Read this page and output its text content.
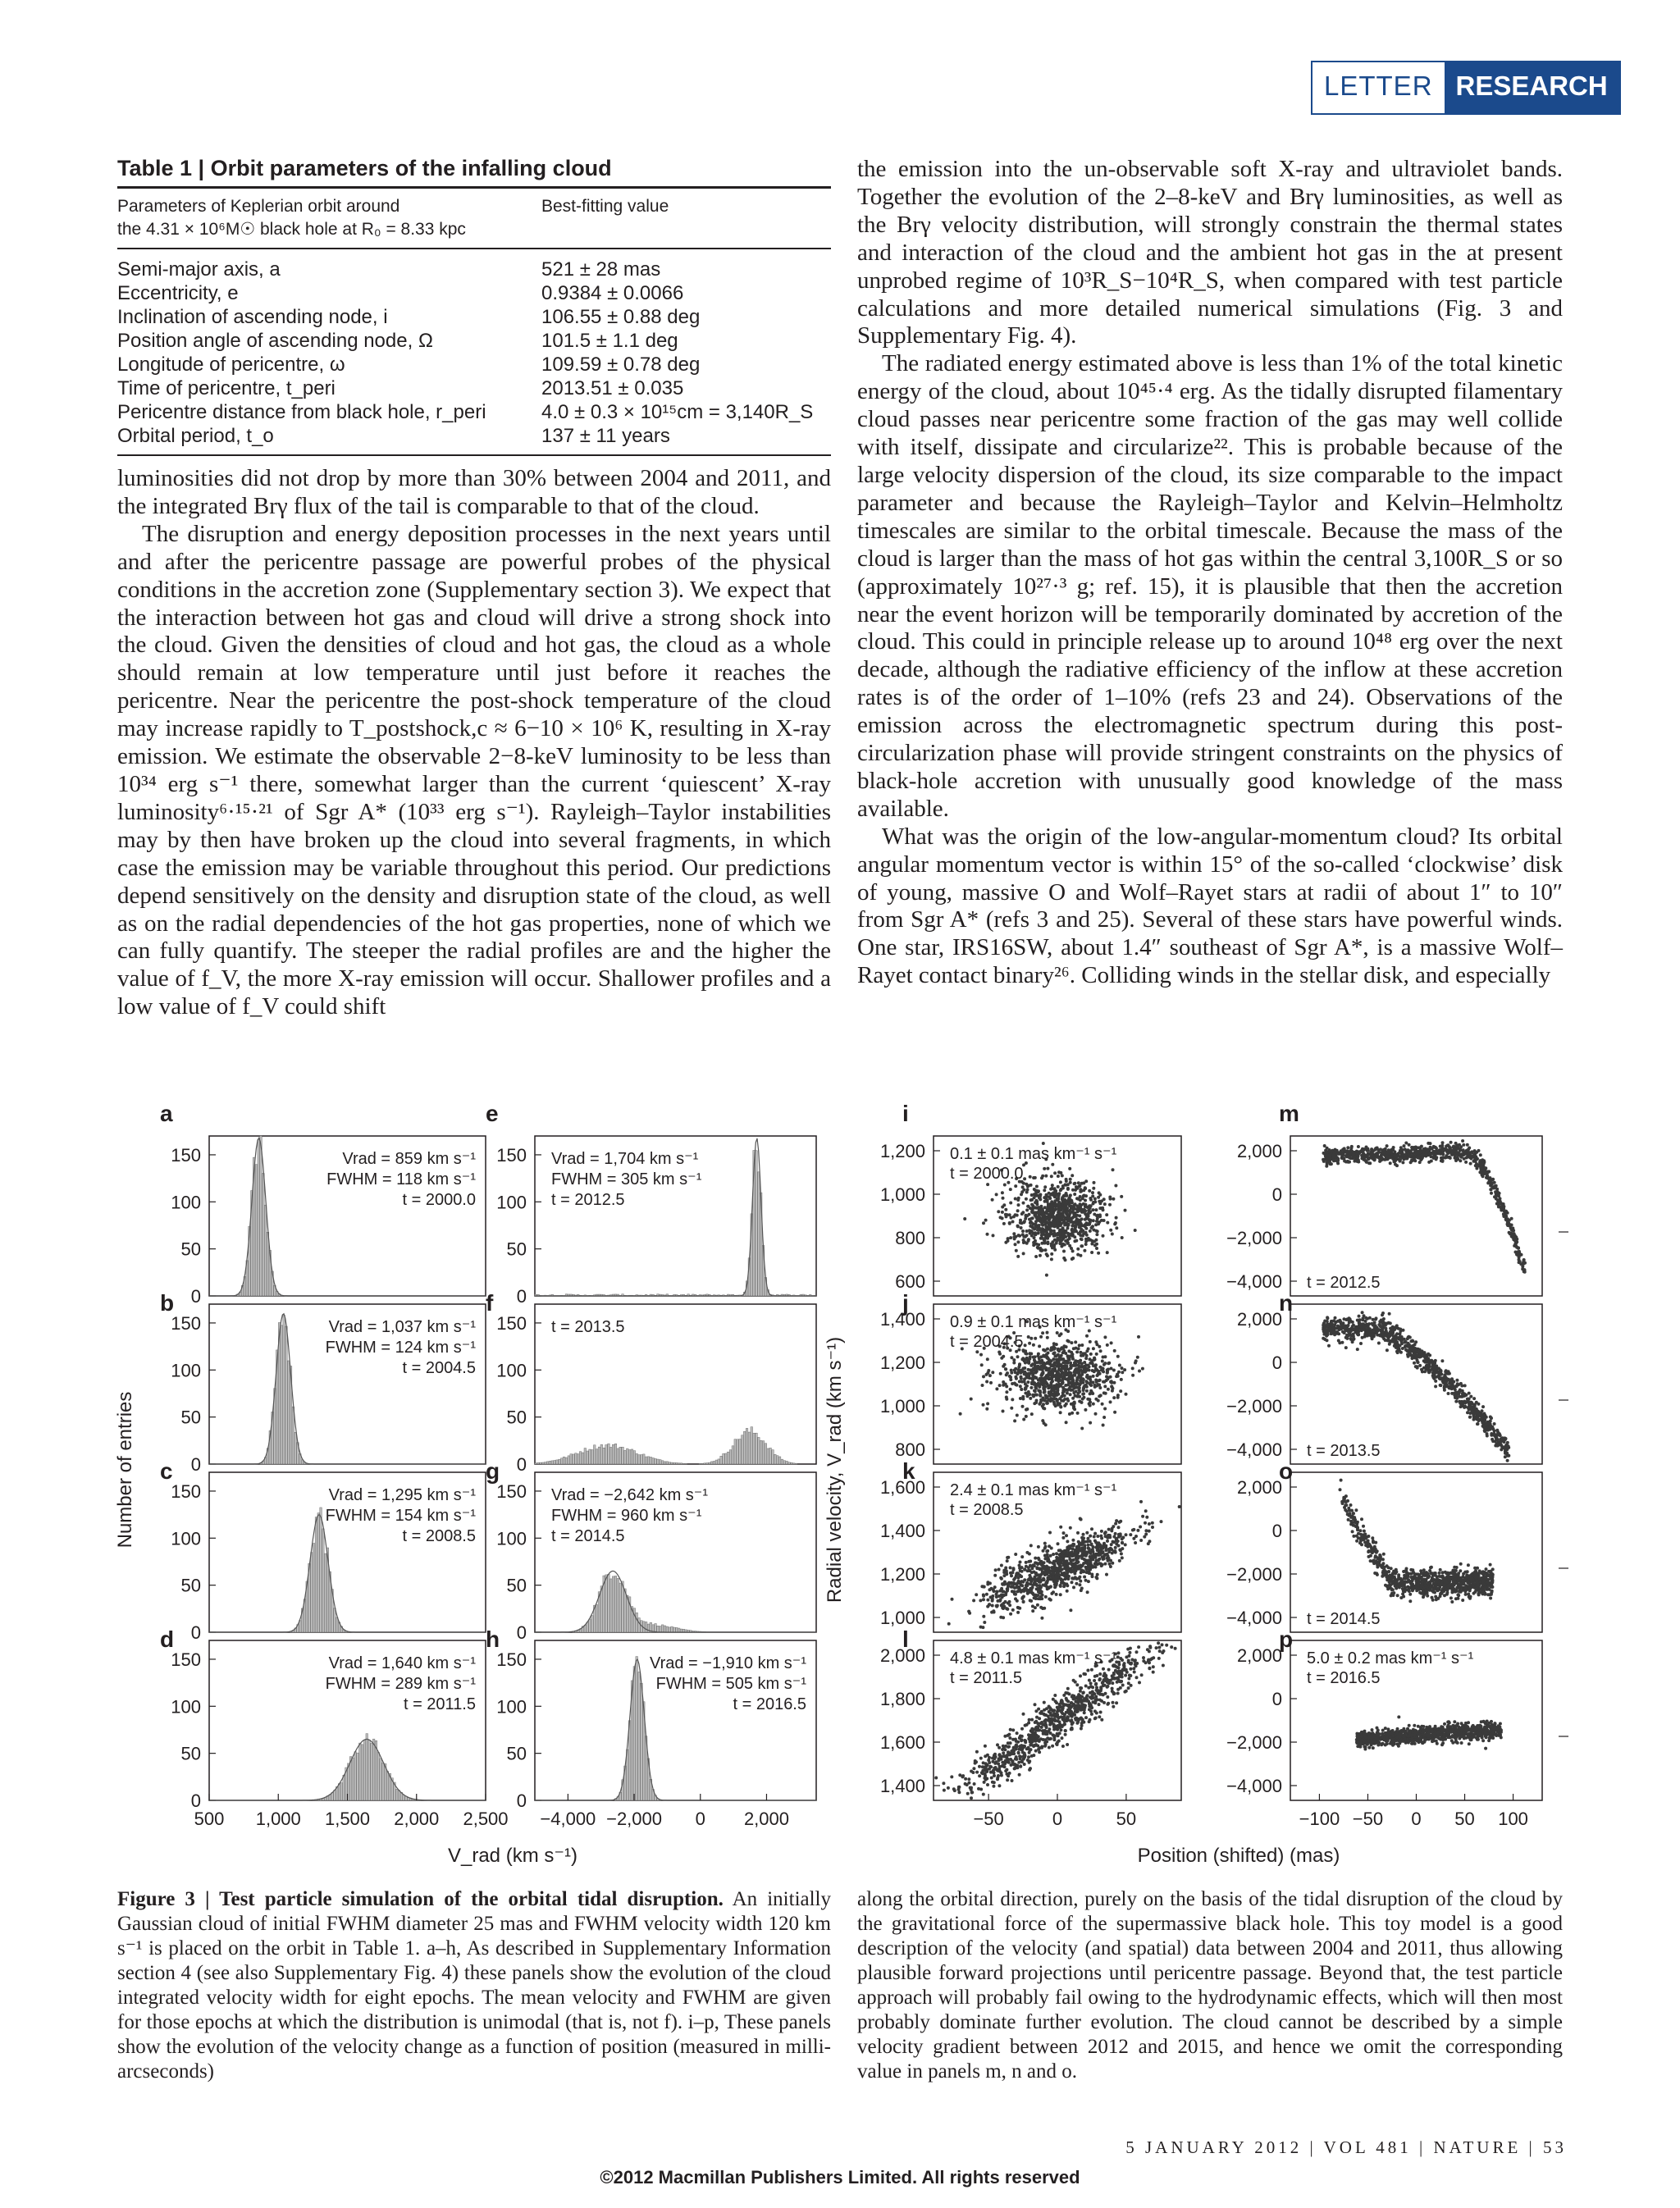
LETTER RESEARCH
Table 1 | Orbit parameters of the infalling cloud
Parameters of Keplerian orbit around
the 4.31 × 10⁶M☉ black hole at R₀ = 8.33 kpc
Best-fitting value
Semi-major axis, a	521 ± 28 mas
Eccentricity, e	0.9384 ± 0.0066
Inclination of ascending node, i	106.55 ± 0.88 deg
Position angle of ascending node, Ω	101.5 ± 1.1 deg
Longitude of pericentre, ω	109.59 ± 0.78 deg
Time of pericentre, t_peri	2013.51 ± 0.035
Pericentre distance from black hole, r_peri	4.0 ± 0.3 × 10¹⁵cm = 3,140R_S
Orbital period, t_o	137 ± 11 years

luminosities did not drop by more than 30% between 2004 and 2011, and the integrated Brγ flux of the tail is comparable to that of the cloud.

The disruption and energy deposition processes in the next years until and after the pericentre passage are powerful probes of the physical conditions in the accretion zone (Supplementary section 3). We expect that the interaction between hot gas and cloud will drive a strong shock into the cloud. Given the densities of cloud and hot gas, the cloud as a whole should remain at low temperature until just before it reaches the pericentre. Near the pericentre the post-shock temperature of the cloud may increase rapidly to T_postshock,c ≈ 6−10 × 10⁶ K, resulting in X-ray emission. We estimate the observable 2−8-keV luminosity to be less than 10³⁴ erg s⁻¹ there, somewhat larger than the current ‘quiescent’ X-ray luminosity⁶·¹⁵·²¹ of Sgr A* (10³³ erg s⁻¹). Rayleigh–Taylor instabilities may by then have broken up the cloud into several fragments, in which case the emission may be variable throughout this period. Our predictions depend sensitively on the density and disruption state of the cloud, as well as on the radial dependencies of the hot gas properties, none of which we can fully quantify. The steeper the radial profiles are and the higher the value of f_V, the more X-ray emission will occur. Shallower profiles and a low value of f_V could shift

the emission into the un-observable soft X-ray and ultraviolet bands. Together the evolution of the 2–8-keV and Brγ luminosities, as well as the Brγ velocity distribution, will strongly constrain the thermal states and interaction of the cloud and the ambient hot gas in the at present unprobed regime of 10³R_S−10⁴R_S, when compared with test particle calculations and more detailed numerical simulations (Fig. 3 and Supplementary Fig. 4).

The radiated energy estimated above is less than 1% of the total kinetic energy of the cloud, about 10⁴⁵·⁴ erg. As the tidally disrupted filamentary cloud passes near pericentre some fraction of the gas may well collide with itself, dissipate and circularize²². This is probable because of the large velocity dispersion of the cloud, its size comparable to the impact parameter and because the Rayleigh–Taylor and Kelvin–Helmholtz timescales are similar to the orbital timescale. Because the mass of the cloud is larger than the mass of hot gas within the central 3,100R_S or so (approximately 10²⁷·³ g; ref. 15), it is plausible that then the accretion near the event horizon will be temporarily dominated by accretion of the cloud. This could in principle release up to around 10⁴⁸ erg over the next decade, although the radiative efficiency of the inflow at these accretion rates is of the order of 1–10% (refs 23 and 24). Observations of the emission across the electromagnetic spectrum during this post-circularization phase will provide stringent constraints on the physics of black-hole accretion with unusually good knowledge of the mass available.

What was the origin of the low-angular-momentum cloud? Its orbital angular momentum vector is within 15° of the so-called ‘clockwise’ disk of young, massive O and Wolf–Rayet stars at radii of about 1″ to 10″ from Sgr A* (refs 3 and 25). Several of these stars have powerful winds. One star, IRS16SW, about 1.4″ southeast of Sgr A*, is a massive Wolf–Rayet contact binary²⁶. Colliding winds in the stellar disk, and especially

0
50
100
150
a
Vrad = 859 km s⁻¹
FWHM = 118 km s⁻¹
t = 2000.0
0
50
100
150
b
Vrad = 1,037 km s⁻¹
FWHM = 124 km s⁻¹
t = 2004.5
0
50
100
150
c
Vrad = 1,295 km s⁻¹
FWHM = 154 km s⁻¹
t = 2008.5
0
50
100
150
d
Vrad = 1,640 km s⁻¹
FWHM = 289 km s⁻¹
t = 2011.5
500 1,000 1,500 2,000 2,500
0
50
100
150
e
Vrad = 1,704 km s⁻¹
FWHM = 305 km s⁻¹
t = 2012.5
0
50
100
150
f
t = 2013.5
0
50
100
150
g
Vrad = −2,642 km s⁻¹
FWHM = 960 km s⁻¹
t = 2014.5
0
50
100
150
h
Vrad = −1,910 km s⁻¹
FWHM = 505 km s⁻¹
t = 2016.5
−4,000 −2,000 0 2,000
Number of entries
V_rad (km s⁻¹)
1,200
1,000
800
600
i
0.1 ± 0.1 mas km⁻¹ s⁻¹
t = 2000.0
1,400
1,200
1,000
800
j
0.9 ± 0.1 mas km⁻¹ s⁻¹
t = 2004.5
1,600
1,400
1,200
1,000
k
2.4 ± 0.1 mas km⁻¹ s⁻¹
t = 2008.5
2,000
1,800
1,600
1,400
l
4.8 ± 0.1 mas km⁻¹ s⁻¹
t = 2011.5
−50	0	50
2,000
0
−2,000
−4,000
m
t = 2012.5
2,000
0
−2,000
−4,000
n
t = 2013.5
2,000
0
−2,000
−4,000
o
t = 2014.5
2,000
0
−2,000
−4,000
p
5.0 ± 0.2 mas km⁻¹ s⁻¹
t = 2016.5
−100 −50 0 50 100
Radial velocity, V_rad (km s⁻¹)
Position (shifted) (mas)
Figure 3 | Test particle simulation of the orbital tidal disruption. An initially Gaussian cloud of initial FWHM diameter 25 mas and FWHM velocity width 120 km s⁻¹ is placed on the orbit in Table 1. a–h, As described in Supplementary Information section 4 (see also Supplementary Fig. 4) these panels show the evolution of the cloud integrated velocity width for eight epochs. The mean velocity and FWHM are given for those epochs at which the distribution is unimodal (that is, not f). i–p, These panels show the evolution of the velocity change as a function of position (measured in milli-arcseconds)
along the orbital direction, purely on the basis of the tidal disruption of the cloud by the gravitational force of the supermassive black hole. This toy model is a good description of the velocity (and spatial) data between 2004 and 2011, thus allowing plausible forward projections until pericentre passage. Beyond that, the test particle approach will probably fail owing to the hydrodynamic effects, which will then most probably dominate further evolution. The cloud cannot be described by a simple velocity gradient between 2012 and 2015, and hence we omit the corresponding value in panels m, n and o.
5 JANUARY 2012 | VOL 481 | NATURE | 53
©2012 Macmillan Publishers Limited. All rights reserved
